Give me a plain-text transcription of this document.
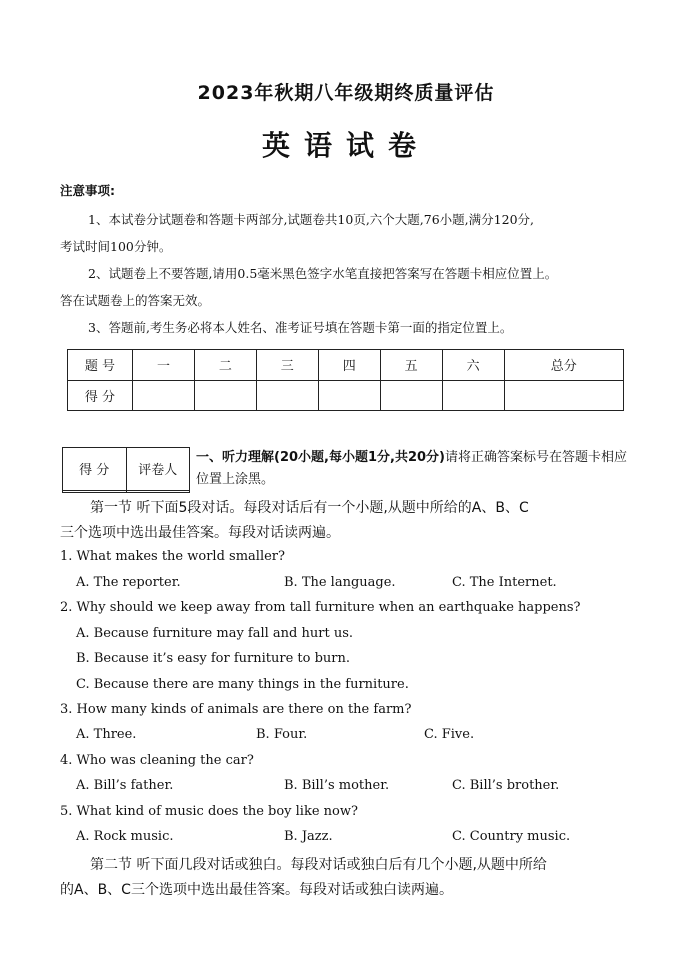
2023年秋期八年级期终质量评估
英语试卷
注意事项:
1、本试卷分试题卷和答题卡两部分,试题卷共10页,六个大题,76小题,满分120分,
考试时间100分钟。
2、试题卷上不要答题,请用0.5毫米黑色签字水笔直接把答案写在答题卡相应位置上。
答在试题卷上的答案无效。
3、答题前,考生务必将本人姓名、准考证号填在答题卡第一面的指定位置上。
题 号	一	二	三	四	五	六	总分
得 分							
得 分	评卷人

一、听力理解(20小题,每小题1分,共20分)请将正确答案标号在答题卡相应位置上涂黑。
第一节 听下面5段对话。每段对话后有一个小题,从题中所给的A、B、C
三个选项中选出最佳答案。每段对话读两遍。
1. What makes the world smaller?
A. The reporter.	B. The language.	C. The Internet.
2. Why should we keep away from tall furniture when an earthquake happens?
A. Because furniture may fall and hurt us.
B. Because it’s easy for furniture to burn.
C. Because there are many things in the furniture.
3. How many kinds of animals are there on the farm?
A. Three.	B. Four.	C. Five.
4. Who was cleaning the car?
A. Bill’s father.	B. Bill’s mother.	C. Bill’s brother.
5. What kind of music does the boy like now?
A. Rock music.	B. Jazz.	C. Country music.
第二节 听下面几段对话或独白。每段对话或独白后有几个小题,从题中所给
的A、B、C三个选项中选出最佳答案。每段对话或独白读两遍。
